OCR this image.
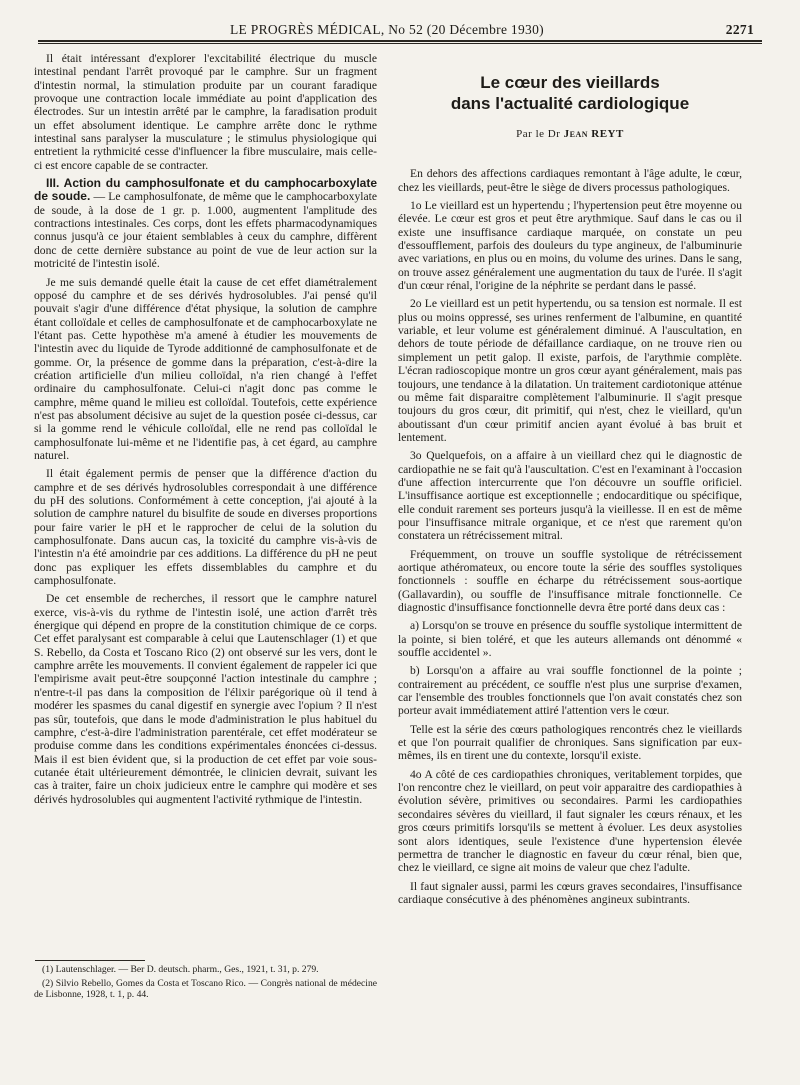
LE PROGRÈS MÉDICAL, No 52 (20 Décembre 1930)	2271

Il était intéressant d'explorer l'excitabilité électrique du muscle intestinal pendant l'arrêt provoqué par le camphre. Sur un fragment d'intestin normal, la stimulation produite par un courant faradique provoque une contraction locale immédiate au point d'application des électrodes. Sur un intestin arrêté par le camphre, la faradisation produit un effet absolument identique. Le camphre arrête donc le rythme intestinal sans paralyser la musculature ; le stimulus physiologique qui entretient la rythmicité cesse d'influencer la fibre musculaire, mais celle-ci est encore capable de se contracter.

III. Action du camphosulfonate et du camphocarboxylate de soude. — Le camphosulfonate, de même que le camphocarboxylate de soude, à la dose de 1 gr. p. 1.000, augmentent l'amplitude des contractions intestinales. Ces corps, dont les effets pharmacodynamiques connus jusqu'à ce jour étaient semblables à ceux du camphre, diffèrent donc de cette dernière substance au point de vue de leur action sur la motricité de l'intestin isolé.

Je me suis demandé quelle était la cause de cet effet diamétralement opposé du camphre et de ses dérivés hydrosolubles. J'ai pensé qu'il pouvait s'agir d'une différence d'état physique, la solution de camphre étant colloïdale et celles de camphosulfonate et de camphocarboxylate ne l'étant pas. Cette hypothèse m'a amené à étudier les mouvements de l'intestin avec du liquide de Tyrode additionné de camphosulfonate et de gomme. Or, la présence de gomme dans la préparation, c'est-à-dire la création artificielle d'un milieu colloïdal, n'a rien changé à l'effet ordinaire du camphosulfonate. Celui-ci n'agit donc pas comme le camphre, même quand le milieu est colloïdal. Toutefois, cette expérience n'est pas absolument décisive au sujet de la question posée ci-dessus, car si la gomme rend le véhicule colloïdal, elle ne rend pas colloïdal le camphosulfonate lui-même et ne l'identifie pas, à cet égard, au camphre naturel.

Il était également permis de penser que la différence d'action du camphre et de ses dérivés hydrosolubles correspondait à une différence du pH des solutions. Conformément à cette conception, j'ai ajouté à la solution de camphre naturel du bisulfite de soude en diverses proportions pour faire varier le pH et le rapprocher de celui de la solution du camphosulfonate. Dans aucun cas, la toxicité du camphre vis-à-vis de l'intestin n'a été amoindrie par ces additions. La différence du pH ne peut donc pas expliquer les effets dissemblables du camphre et du camphosulfonate.

De cet ensemble de recherches, il ressort que le camphre naturel exerce, vis-à-vis du rythme de l'intestin isolé, une action d'arrêt très énergique qui dépend en propre de la constitution chimique de ce corps. Cet effet paralysant est comparable à celui que Lautenschlager (1) et que S. Rebello, da Costa et Toscano Rico (2) ont observé sur les vers, dont le camphre arrête les mouvements. Il convient également de rappeler ici que l'empirisme avait peut-être soupçonné l'action intestinale du camphre ; n'entre-t-il pas dans la composition de l'élixir parégorique où il tend à modérer les spasmes du canal digestif en synergie avec l'opium ? Il n'est pas sûr, toutefois, que dans le mode d'administration le plus habituel du camphre, c'est-à-dire l'administration parentérale, cet effet modérateur se produise comme dans les conditions expérimentales énoncées ci-dessus. Mais il est bien évident que, si la production de cet effet par voie sous-cutanée était ultérieurement démontrée, le clinicien devrait, suivant les cas à traiter, faire un choix judicieux entre le camphre qui modère et ses dérivés hydrosolubles qui augmentent l'activité rythmique de l'intestin.

(1) Lautenschlager. — Ber D. deutsch. pharm., Ges., 1921, t. 31, p. 279.

(2) Silvio Rebello, Gomes da Costa et Toscano Rico. — Congrès national de médecine de Lisbonne, 1928, t. 1, p. 44.

Le cœur des vieillards
dans l'actualité cardiologique
Par le Dr Jean REYT

En dehors des affections cardiaques remontant à l'âge adulte, le cœur, chez les vieillards, peut-être le siège de divers processus pathologiques.

1o Le vieillard est un hypertendu ; l'hypertension peut être moyenne ou élevée. Le cœur est gros et peut être arythmique. Sauf dans le cas ou il existe une insuffisance cardiaque marquée, on constate un peu d'essoufflement, parfois des douleurs du type angineux, de l'albuminurie avec variations, en plus ou en moins, du volume des urines. Dans le sang, on trouve assez généralement une augmentation du taux de l'urée. Il s'agit d'un cœur rénal, l'origine de la néphrite se perdant dans le passé.

2o Le vieillard est un petit hypertendu, ou sa tension est normale. Il est plus ou moins oppressé, ses urines renferment de l'albumine, en quantité variable, et leur volume est généralement diminué. A l'auscultation, en dehors de toute période de défaillance cardiaque, on ne trouve rien ou simplement un petit galop. Il existe, parfois, de l'arythmie complète. L'écran radioscopique montre un gros cœur ayant généralement, mais pas toujours, une tendance à la dilatation. Un traitement cardiotonique atténue ou même fait disparaitre complètement l'albuminurie. Il s'agit presque toujours du gros cœur, dit primitif, qui n'est, chez le vieillard, qu'un aboutissant d'un cœur primitif ancien ayant évolué à bas bruit et lentement.

3o Quelquefois, on a affaire à un vieillard chez qui le diagnostic de cardiopathie ne se fait qu'à l'auscultation. C'est en l'examinant à l'occasion d'une affection intercurrente que l'on découvre un souffle orificiel. L'insuffisance aortique est exceptionnelle ; endocarditique ou spécifique, elle conduit rarement ses porteurs jusqu'à la vieillesse. Il en est de même pour l'insuffisance mitrale organique, et ce n'est que rarement qu'on constatera un rétrécissement mitral.

Fréquemment, on trouve un souffle systolique de rétrécissement aortique athéromateux, ou encore toute la série des souffles systoliques fonctionnels : souffle en écharpe du rétrécissement sous-aortique (Gallavardin), ou souffle de l'insuffisance mitrale fonctionnelle. Ce diagnostic d'insuffisance fonctionnelle devra être porté dans deux cas :

a) Lorsqu'on se trouve en présence du souffle systolique intermittent de la pointe, si bien toléré, et que les auteurs allemands ont dénommé « souffle accidentel ».

b) Lorsqu'on a affaire au vrai souffle fonctionnel de la pointe ; contrairement au précédent, ce souffle n'est plus une surprise d'examen, car l'ensemble des troubles fonctionnels que l'on avait constatés chez son porteur avait immédiatement attiré l'attention vers le cœur.

Telle est la série des cœurs pathologiques rencontrés chez le vieillards et que l'on pourrait qualifier de chroniques. Sans signification par eux-mêmes, ils en tirent une du contexte, lorsqu'il existe.

4o A côté de ces cardiopathies chroniques, veritablement torpides, que l'on rencontre chez le vieillard, on peut voir apparaitre des cardiopathies à évolution sévère, primitives ou secondaires. Parmi les cardiopathies secondaires sévères du vieillard, il faut signaler les cœurs rénaux, et les gros cœurs primitifs lorsqu'ils se mettent à évoluer. Les deux asystolies sont alors identiques, seule l'existence d'une hypertension élevée permettra de trancher le diagnostic en faveur du cœur rénal, bien que, chez le vieillard, ce signe ait moins de valeur que chez l'adulte.

Il faut signaler aussi, parmi les cœurs graves secondaires, l'insuffisance cardiaque consécutive à des phénomènes angineux subintrants.
